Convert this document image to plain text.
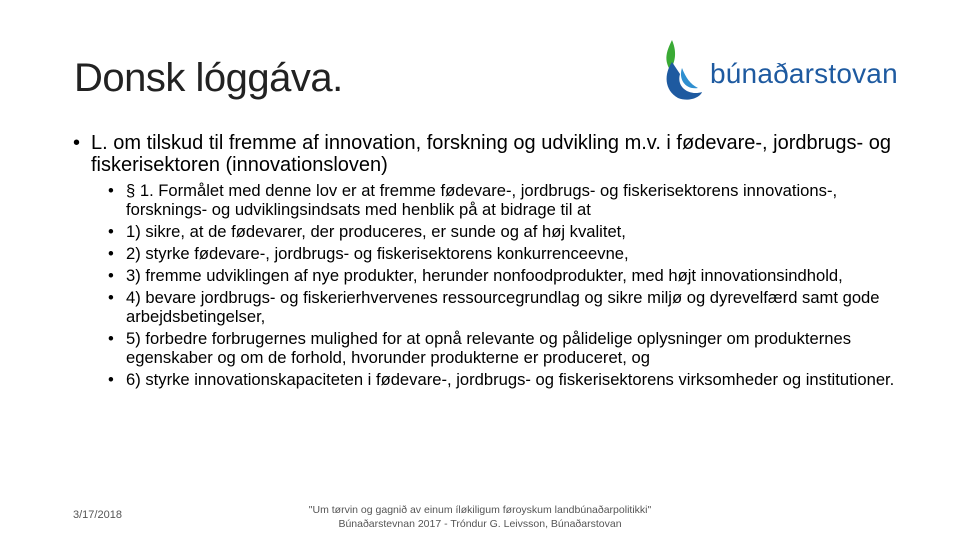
Donsk lóggáva.	búnaðarstovan

• L. om tilskud til fremme af innovation, forskning og udvikling m.v. i fødevare-, jordbrugs- og fiskerisektoren (innovationsloven)

• § 1. Formålet med denne lov er at fremme fødevare-, jordbrugs- og fiskerisektorens innovations-, forsknings- og udviklingsindsats med henblik på at bidrage til at
• 1) sikre, at de fødevarer, der produceres, er sunde og af høj kvalitet,
• 2) styrke fødevare-, jordbrugs- og fiskerisektorens konkurrenceevne,
• 3) fremme udviklingen af nye produkter, herunder nonfoodprodukter, med højt innovationsindhold,
• 4) bevare jordbrugs- og fiskerierhvervenes ressourcegrundlag og sikre miljø og dyrevelfærd samt gode arbejdsbetingelser,
• 5) forbedre forbrugernes mulighed for at opnå relevante og pålidelige oplysninger om produkternes egenskaber og om de forhold, hvorunder produkterne er produceret, og
• 6) styrke innovationskapaciteten i fødevare-, jordbrugs- og fiskerisektorens virksomheder og institutioner.
3/17/2018	"Um tørvin og gagnið av einum íløkiligum føroyskum landbúnaðarpolitikki"
Búnaðarstevnan 2017 - Tróndur G. Leivsson, Búnaðarstovan
